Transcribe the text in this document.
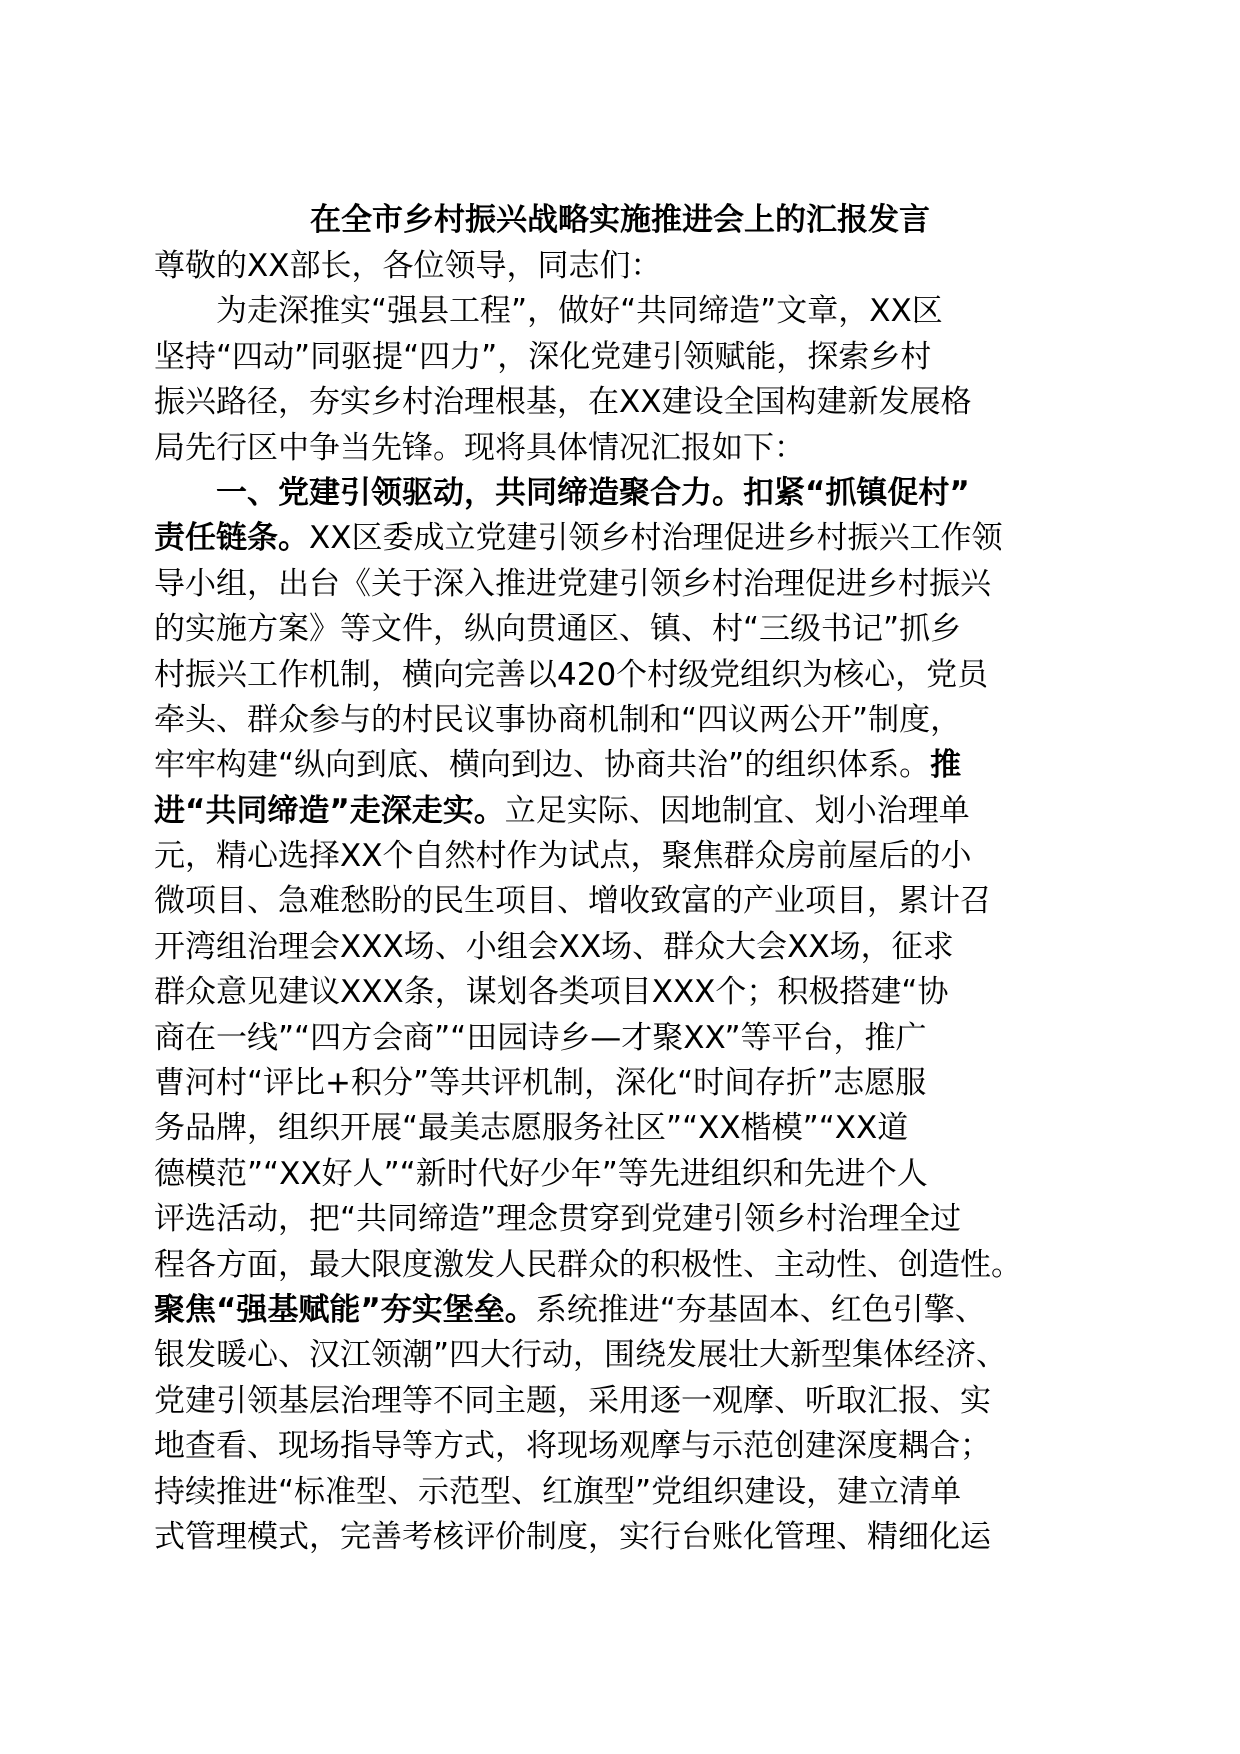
在全市乡村振兴战略实施推进会上的汇报发言
尊敬的XX部长，各位领导，同志们：
为走深推实“强县工程”，做好“共同缔造”文章，XX区
坚持“四动”同驱提“四力”，深化党建引领赋能，探索乡村
振兴路径，夯实乡村治理根基，在XX建设全国构建新发展格
局先行区中争当先锋。现将具体情况汇报如下：
一、党建引领驱动，共同缔造聚合力。扣紧“抓镇促村”
责任链条。XX区委成立党建引领乡村治理促进乡村振兴工作领
导小组，出台《关于深入推进党建引领乡村治理促进乡村振兴
的实施方案》等文件，纵向贯通区、镇、村“三级书记”抓乡
村振兴工作机制，横向完善以420个村级党组织为核心，党员
牵头、群众参与的村民议事协商机制和“四议两公开”制度，
牢牢构建“纵向到底、横向到边、协商共治”的组织体系。推
进“共同缔造”走深走实。立足实际、因地制宜、划小治理单
元，精心选择XX个自然村作为试点，聚焦群众房前屋后的小
微项目、急难愁盼的民生项目、增收致富的产业项目，累计召
开湾组治理会XXX场、小组会XX场、群众大会XX场，征求
群众意见建议XXX条，谋划各类项目XXX个；积极搭建“协
商在一线”“四方会商”“田园诗乡—才聚XX”等平台，推广
曹河村“评比+积分”等共评机制，深化“时间存折”志愿服
务品牌，组织开展“最美志愿服务社区”“XX楷模”“XX道
德模范”“XX好人”“新时代好少年”等先进组织和先进个人
评选活动，把“共同缔造”理念贯穿到党建引领乡村治理全过
程各方面，最大限度激发人民群众的积极性、主动性、创造性。
聚焦“强基赋能”夯实堡垒。系统推进“夯基固本、红色引擎、
银发暖心、汉江领潮”四大行动，围绕发展壮大新型集体经济、
党建引领基层治理等不同主题，采用逐一观摩、听取汇报、实
地查看、现场指导等方式，将现场观摩与示范创建深度耦合；
持续推进“标准型、示范型、红旗型”党组织建设，建立清单
式管理模式，完善考核评价制度，实行台账化管理、精细化运
